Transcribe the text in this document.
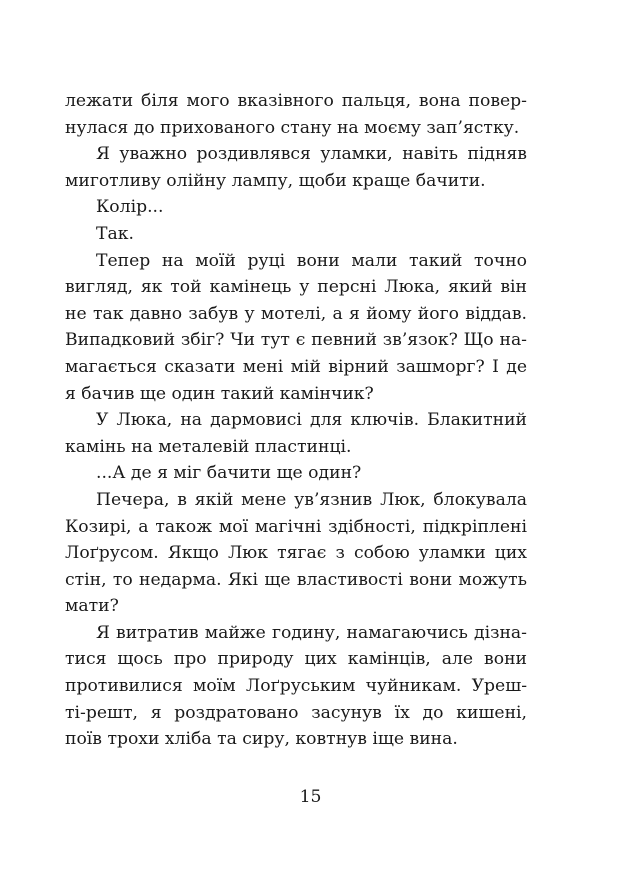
лежати біля мого вказівного пальця, вона повер-
нулася до прихованого стану на моєму зап’ястку.
Я уважно роздивлявся уламки, навіть підняв
миготливу олійну лампу, щоби краще бачити.
Колір...
Так.
Тепер на моїй руці вони мали такий точно
вигляд, як той камінець у персні Люка, який він
не так давно забув у мотелі, а я йому його віддав.
Випадковий збіг? Чи тут є певний зв’язок? Що на-
магається сказати мені мій вірний зашморг? І де
я бачив ще один такий камінчик?
У Люка, на дармовисі для ключів. Блакитний
камінь на металевій пластинці.
...А де я міг бачити ще один?
Печера, в якій мене ув’язнив Люк, блокувала
Козирі, а також мої магічні здібності, підкріплені
Лоґрусом. Якщо Люк тягає з собою уламки цих
стін, то недарма. Які ще властивості вони можуть
мати?
Я витратив майже годину, намагаючись дізна-
тися щось про природу цих камінців, але вони
противилися моїм Лоґруським чуйникам. Уреш-
ті-решт, я роздратовано засунув їх до кишені,
поїв трохи хліба та сиру, ковтнув іще вина.
15
